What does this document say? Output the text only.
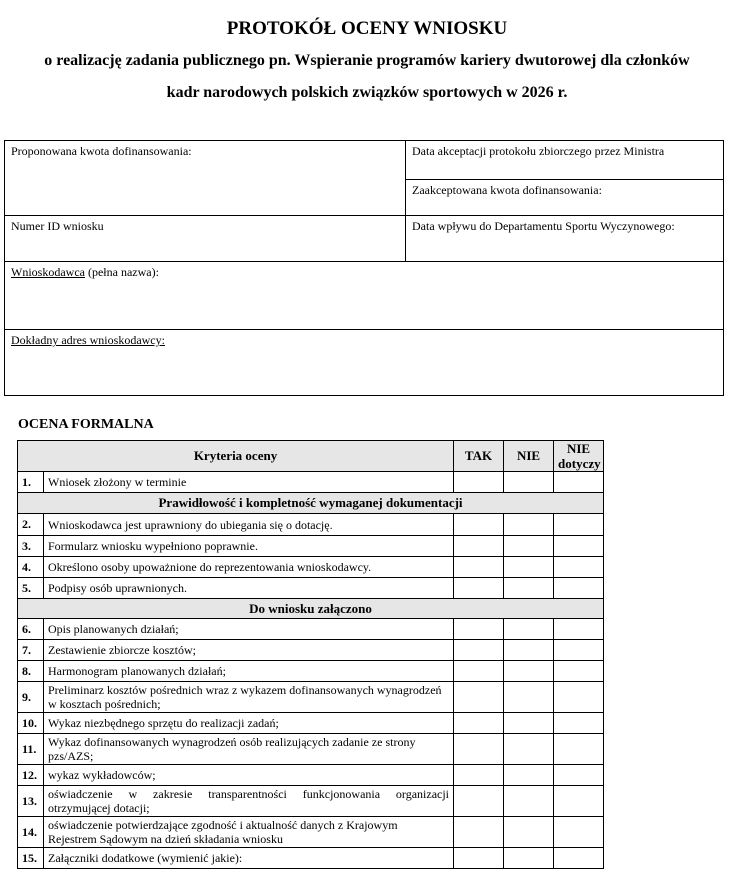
PROTOKÓŁ OCENY WNIOSKU
o realizację zadania publicznego pn. Wspieranie programów kariery dwutorowej dla członków
kadr narodowych polskich związków sportowych w 2026 r.
Proponowana kwota dofinansowania:	Data akceptacji protokołu zbiorczego przez Ministra
Zaakceptowana kwota dofinansowania:
Numer ID wniosku	Data wpływu do Departamentu Sportu Wyczynowego:
Wnioskodawca (pełna nazwa):
Dokładny adres wnioskodawcy:
OCENA FORMALNA
Kryteria oceny		TAK	NIE	NIE
dotyczy
1.	Wniosek złożony w terminie			
Prawidłowość i kompletność wymaganej dokumentacji				
2.	Wnioskodawca jest uprawniony do ubiegania się o dotację.			
3.	Formularz wniosku wypełniono poprawnie.			
4.	Określono osoby upoważnione do reprezentowania wnioskodawcy.			
5.	Podpisy osób uprawnionych.			
Do wniosku załączono				
6.	Opis planowanych działań;			
7.	Zestawienie zbiorcze kosztów;			
8.	Harmonogram planowanych działań;			
9.	Preliminarz kosztów pośrednich wraz z wykazem dofinansowanych wynagrodzeń w kosztach pośrednich;			
10.	Wykaz niezbędnego sprzętu do realizacji zadań;			
11.	Wykaz dofinansowanych wynagrodzeń osób realizujących zadanie ze strony pzs/AZS;			
12.	wykaz wykładowców;			
13.	oświadczenie w zakresie transparentności funkcjonowania organizacji otrzymującej dotacji;			
14.	oświadczenie potwierdzające zgodność i aktualność danych z Krajowym Rejestrem Sądowym na dzień składania wniosku			
15.	Załączniki dodatkowe (wymienić jakie):			
